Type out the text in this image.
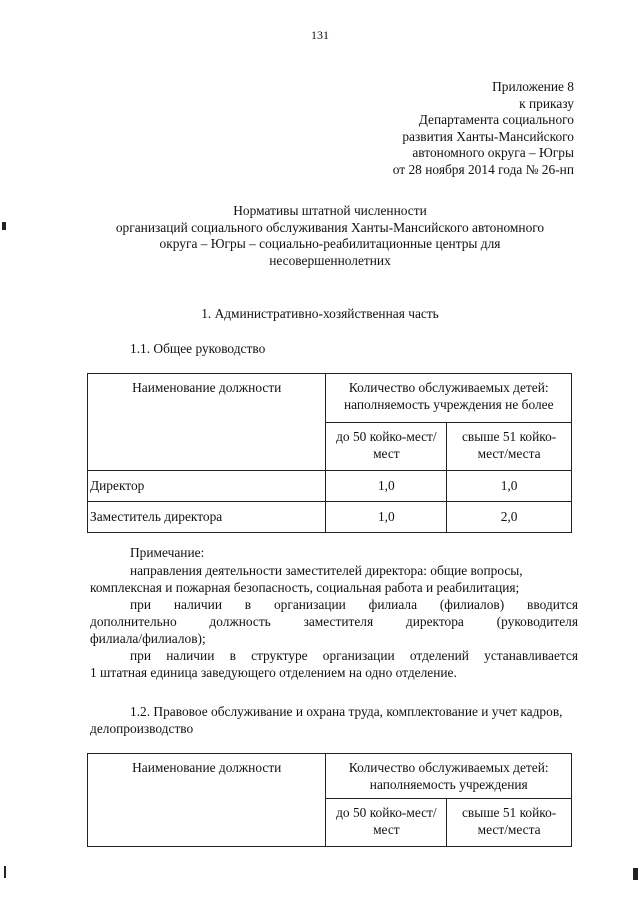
131
Приложение 8
к приказу
Департамента социального
развития Ханты-Мансийского
автономного округа – Югры
от 28 ноября 2014 года № 26-нп
Нормативы штатной численности
организаций социального обслуживания Ханты-Мансийского автономного
округа – Югры – социально-реабилитационные центры для
несовершеннолетних
1. Административно-хозяйственная часть
1.1. Общее руководство
Наименование должности	Количество обслуживаемых детей: наполняемость учреждения не более	
	до 50 койко-мест/мест	свыше 51 койко-мест/места
Директор	1,0	1,0
Заместитель директора	1,0	2,0
Примечание:
направления деятельности заместителей директора: общие вопросы, комплексная и пожарная безопасность, социальная работа и реабилитация;
при наличии в организации филиала (филиалов) вводится
дополнительно должность заместителя директора (руководителя
филиала/филиалов);
при наличии в структуре организации отделений устанавливается
1 штатная единица заведующего отделением на одно отделение.
1.2. Правовое обслуживание и охрана труда, комплектование и учет кадров, делопроизводство
Наименование должности	Количество обслуживаемых детей: наполняемость учреждения	
	до 50 койко-мест/мест	свыше 51 койко-мест/места
